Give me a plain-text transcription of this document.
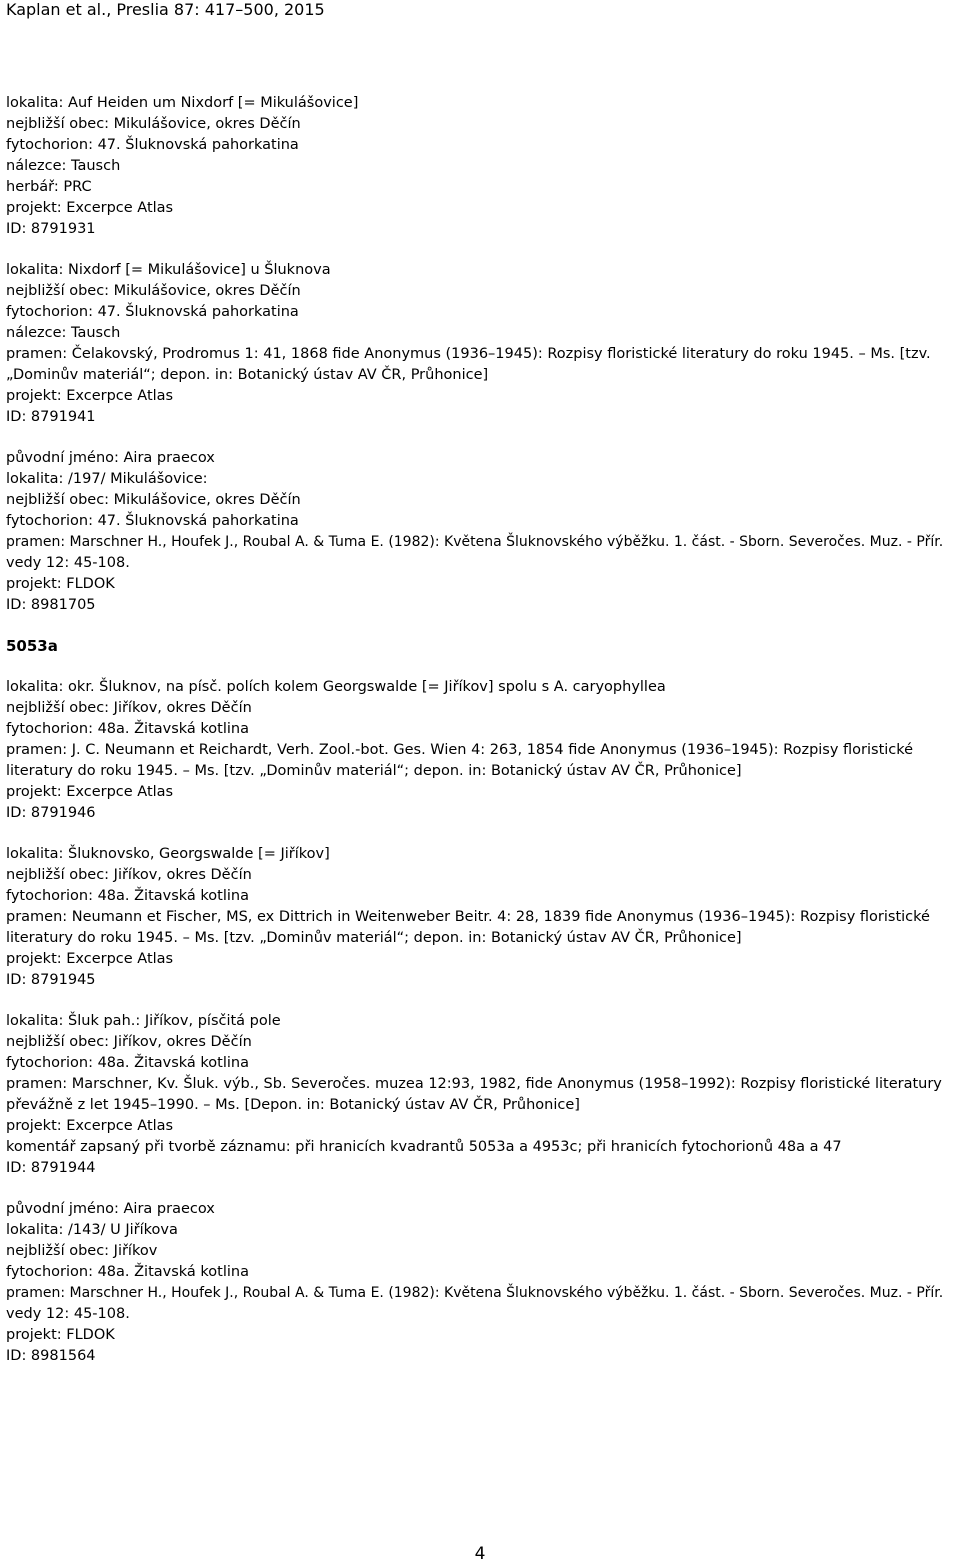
Kaplan et al., Preslia 87: 417–500, 2015
lokalita: Auf Heiden um Nixdorf [= Mikulášovice]
nejbližší obec: Mikulášovice, okres Děčín
fytochorion: 47. Šluknovská pahorkatina
nálezce: Tausch
herbář: PRC
projekt: Excerpce Atlas
ID: 8791931
lokalita: Nixdorf [= Mikulášovice] u Šluknova
nejbližší obec: Mikulášovice, okres Děčín
fytochorion: 47. Šluknovská pahorkatina
nálezce: Tausch
pramen: Čelakovský, Prodromus 1: 41, 1868 fide Anonymus (1936–1945): Rozpisy floristické literatury do roku 1945. – Ms. [tzv.
„Dominův materiál“; depon. in: Botanický ústav AV ČR, Průhonice]
projekt: Excerpce Atlas
ID: 8791941
původní jméno: Aira praecox
lokalita: /197/ Mikulášovice:
nejbližší obec: Mikulášovice, okres Děčín
fytochorion: 47. Šluknovská pahorkatina
pramen: Marschner H., Houfek J., Roubal A. & Tuma E. (1982): Květena Šluknovského výběžku. 1. část. - Sborn. Severočes. Muz. - Přír.
vedy 12: 45-108.
projekt: FLDOK
ID: 8981705
5053a
lokalita: okr. Šluknov, na písč. polích kolem Georgswalde [= Jiříkov] spolu s A. caryophyllea
nejbližší obec: Jiříkov, okres Děčín
fytochorion: 48a. Žitavská kotlina
pramen: J. C. Neumann et Reichardt, Verh. Zool.-bot. Ges. Wien 4: 263, 1854 fide Anonymus (1936–1945): Rozpisy floristické
literatury do roku 1945. – Ms. [tzv. „Dominův materiál“; depon. in: Botanický ústav AV ČR, Průhonice]
projekt: Excerpce Atlas
ID: 8791946
lokalita: Šluknovsko, Georgswalde [= Jiříkov]
nejbližší obec: Jiříkov, okres Děčín
fytochorion: 48a. Žitavská kotlina
pramen: Neumann et Fischer, MS, ex Dittrich in Weitenweber Beitr. 4: 28, 1839 fide Anonymus (1936–1945): Rozpisy floristické
literatury do roku 1945. – Ms. [tzv. „Dominův materiál“; depon. in: Botanický ústav AV ČR, Průhonice]
projekt: Excerpce Atlas
ID: 8791945
lokalita: Šluk pah.: Jiříkov, písčitá pole
nejbližší obec: Jiříkov, okres Děčín
fytochorion: 48a. Žitavská kotlina
pramen: Marschner, Kv. Šluk. výb., Sb. Severočes. muzea 12:93, 1982, fide Anonymus (1958–1992): Rozpisy floristické literatury
převážně z let 1945–1990. – Ms. [Depon. in: Botanický ústav AV ČR, Průhonice]
projekt: Excerpce Atlas
komentář zapsaný při tvorbě záznamu: při hranicích kvadrantů 5053a a 4953c; při hranicích fytochorionů 48a a 47
ID: 8791944
původní jméno: Aira praecox
lokalita: /143/ U Jiříkova
nejbližší obec: Jiříkov
fytochorion: 48a. Žitavská kotlina
pramen: Marschner H., Houfek J., Roubal A. & Tuma E. (1982): Květena Šluknovského výběžku. 1. část. - Sborn. Severočes. Muz. - Přír.
vedy 12: 45-108.
projekt: FLDOK
ID: 8981564
4
